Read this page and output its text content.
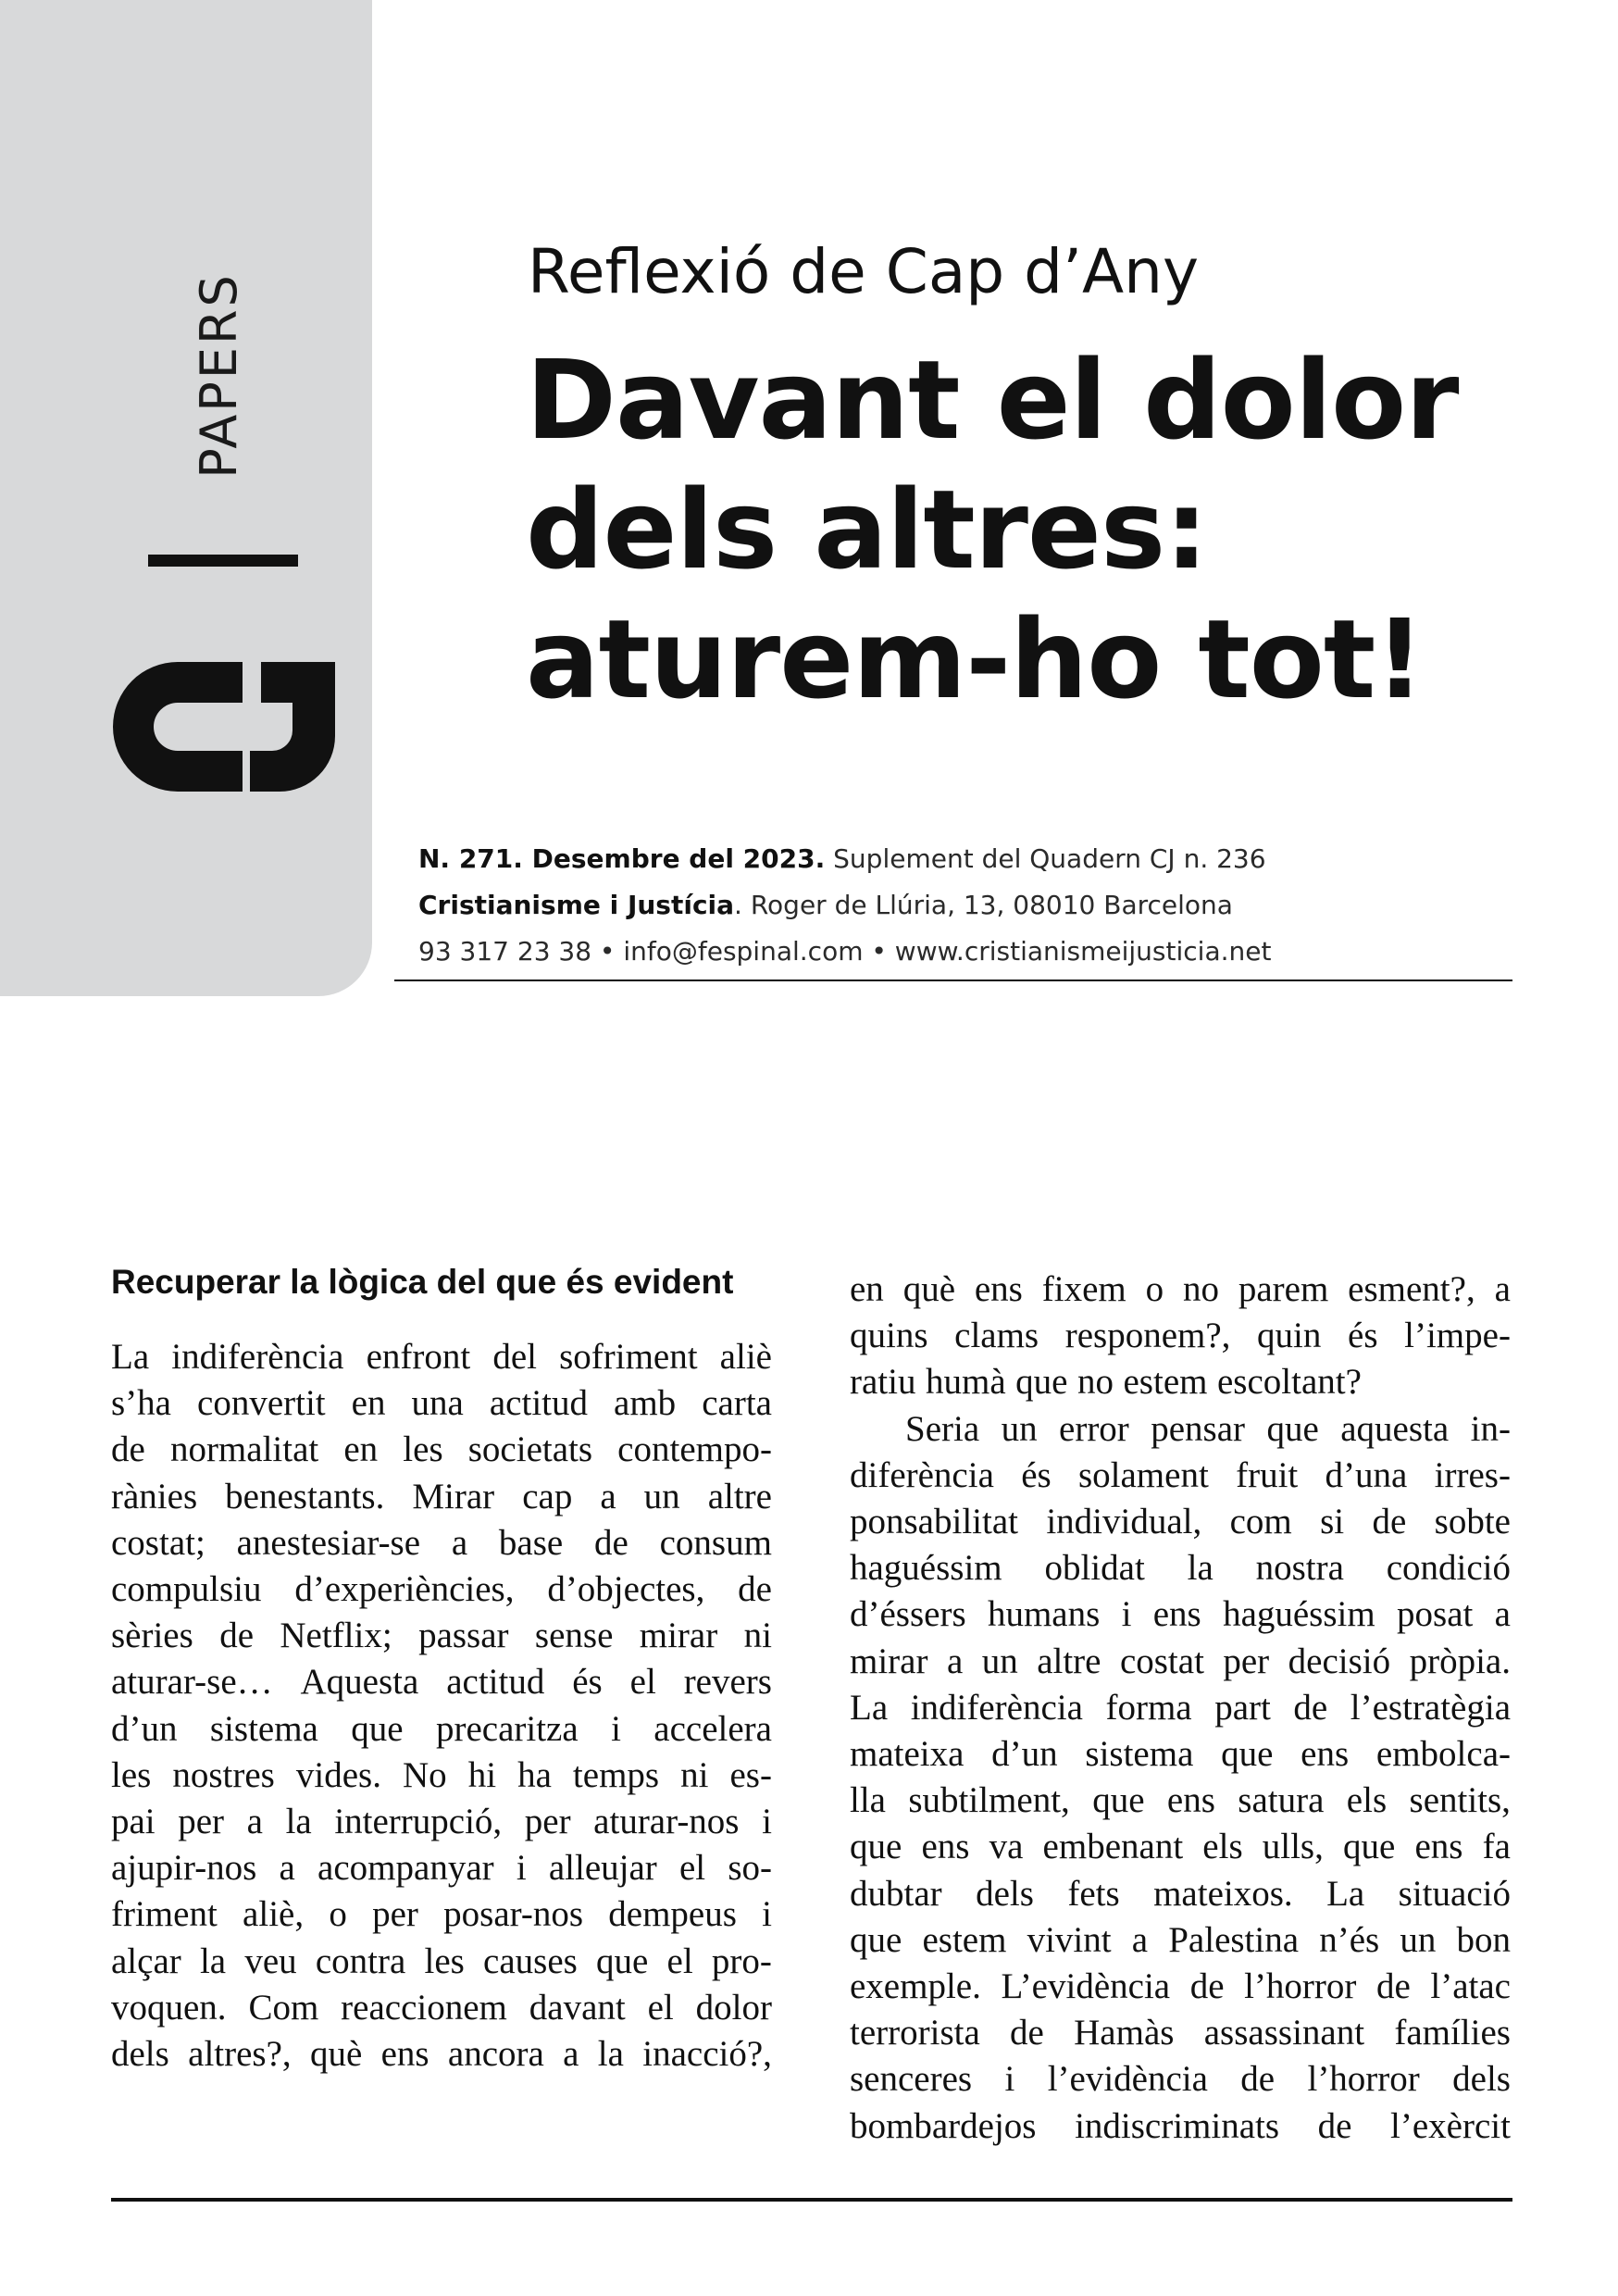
PAPERS
Reflexió de Cap d’Any
Davant el dolor
dels altres:
aturem-ho tot!
N. 271. Desembre del 2023. Suplement del Quadern CJ n. 236
Cristianisme i Justícia. Roger de Llúria, 13, 08010 Barcelona
93 317 23 38 • info@fespinal.com • www.cristianismeijusticia.net
Recuperar la lògica del que és evident
La indiferència enfront del sofriment aliè
s’ha convertit en una actitud amb carta
de normalitat en les societats contempo-
rànies benestants. Mirar cap a un altre
costat; anestesiar-se a base de consum
compulsiu d’experiències, d’objectes, de
sèries de Netflix; passar sense mirar ni
aturar-se… Aquesta actitud és el revers
d’un sistema que precaritza i accelera
les nostres vides. No hi ha temps ni es-
pai per a la interrupció, per aturar-nos i
ajupir-nos a acompanyar i alleujar el so-
friment aliè, o per posar-nos dempeus i
alçar la veu contra les causes que el pro-
voquen. Com reaccionem davant el dolor
dels altres?, què ens ancora a la inacció?,
en què ens fixem o no parem esment?, a
quins clams responem?, quin és l’impe-
ratiu humà que no estem escoltant?
Seria un error pensar que aquesta in-
diferència és solament fruit d’una irres-
ponsabilitat individual, com si de sobte
haguéssim oblidat la nostra condició
d’éssers humans i ens haguéssim posat a
mirar a un altre costat per decisió pròpia.
La indiferència forma part de l’estratègia
mateixa d’un sistema que ens embolca-
lla subtilment, que ens satura els sentits,
que ens va embenant els ulls, que ens fa
dubtar dels fets mateixos. La situació
que estem vivint a Palestina n’és un bon
exemple. L’evidència de l’horror de l’atac
terrorista de Hamàs assassinant famílies
senceres i l’evidència de l’horror dels
bombardejos indiscriminats de l’exèrcit
